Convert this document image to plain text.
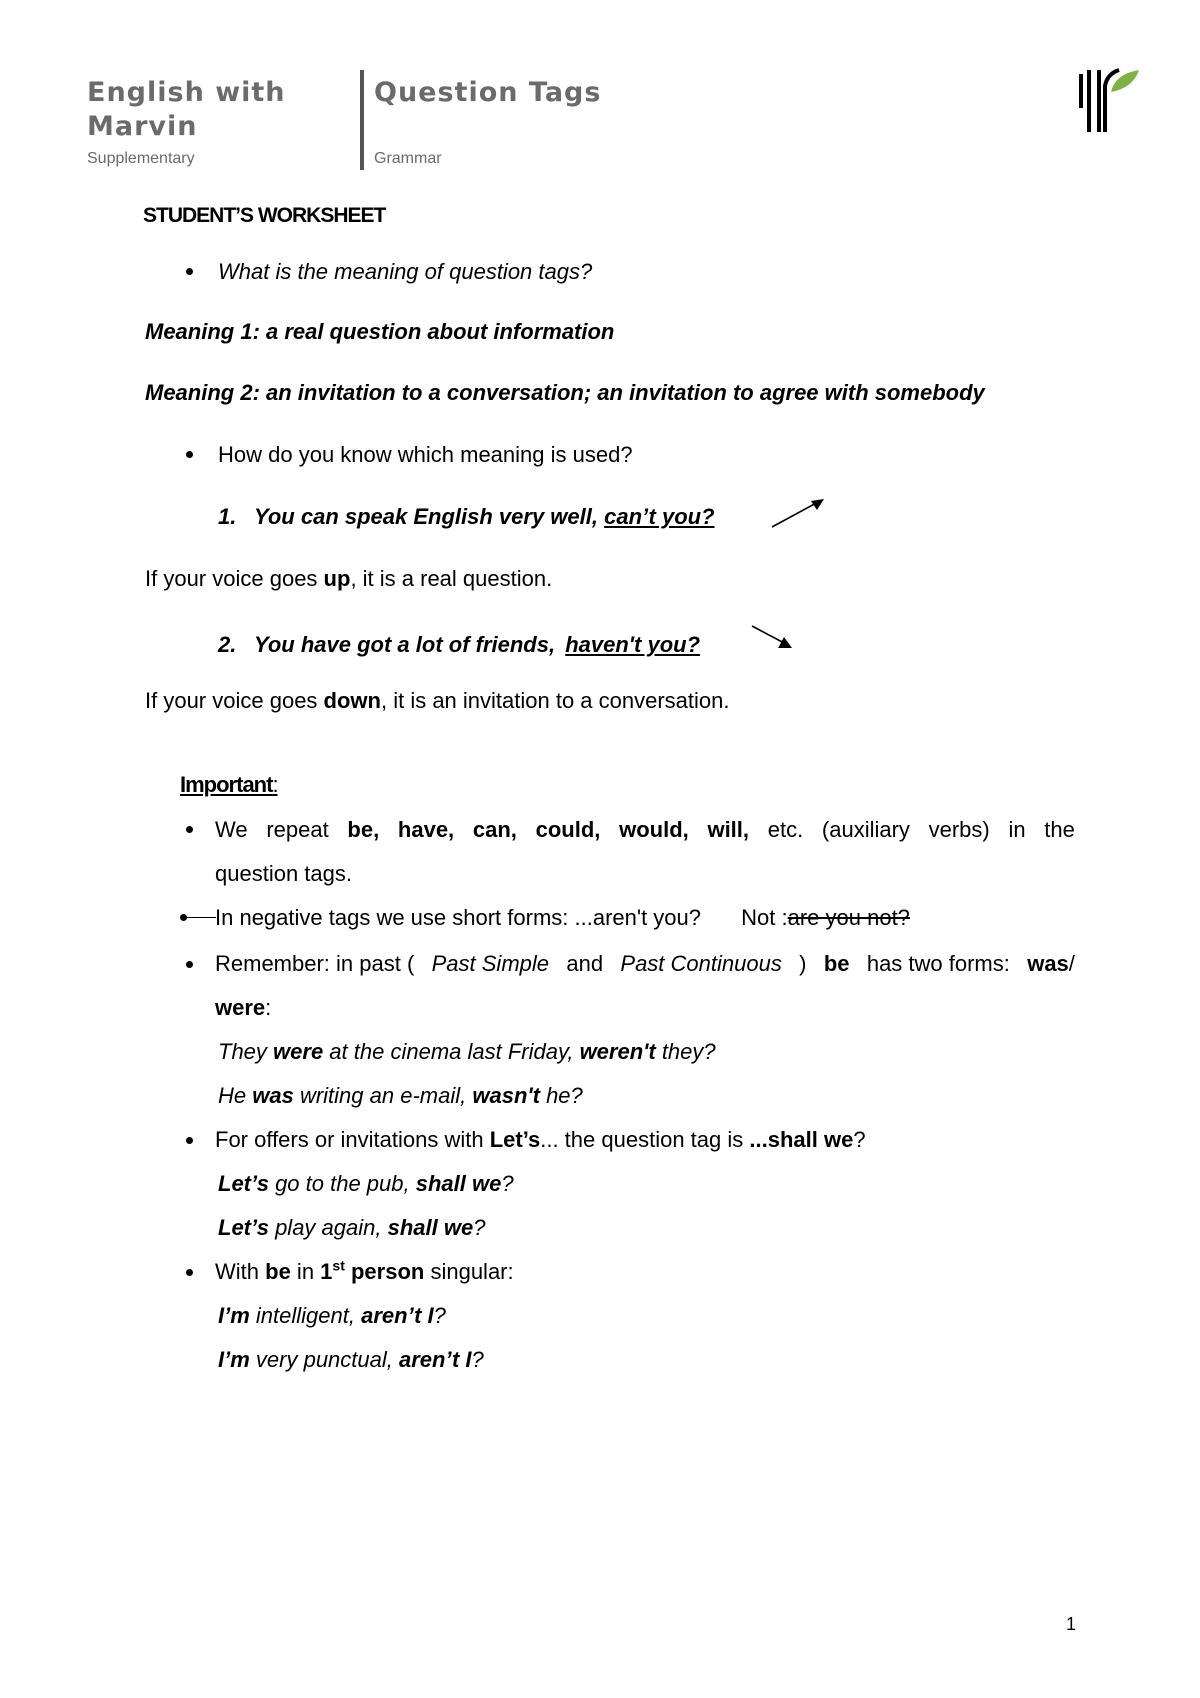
English with
Marvin
Supplementary
Question Tags
Grammar
STUDENT’S WORKSHEET
What is the meaning of question tags?
Meaning 1: a real question about information
Meaning 2: an invitation to a conversation; an invitation to agree with somebody
How do you know which meaning is used?
1. You can speak English very well, can’t you?
If your voice goes up, it is a real question.
2. You have got a lot of friends, haven't you?
If your voice goes down, it is an invitation to a conversation.
Important:
We repeat be, have, can, could, would, will, etc. (auxiliary verbs) in the
question tags.
In negative tags we use short forms: ...aren't you? Not :are you not?
Remember: in past ( Past Simple and Past Continuous ) be has two forms: was/
were:
They were at the cinema last Friday, weren't they?
He was writing an e-mail, wasn't he?
For offers or invitations with Let’s... the question tag is ...shall we?
Let’s go to the pub, shall we?
Let’s play again, shall we?
With be in 1st person singular:
I’m intelligent, aren’t I?
I’m very punctual, aren’t I?
1
